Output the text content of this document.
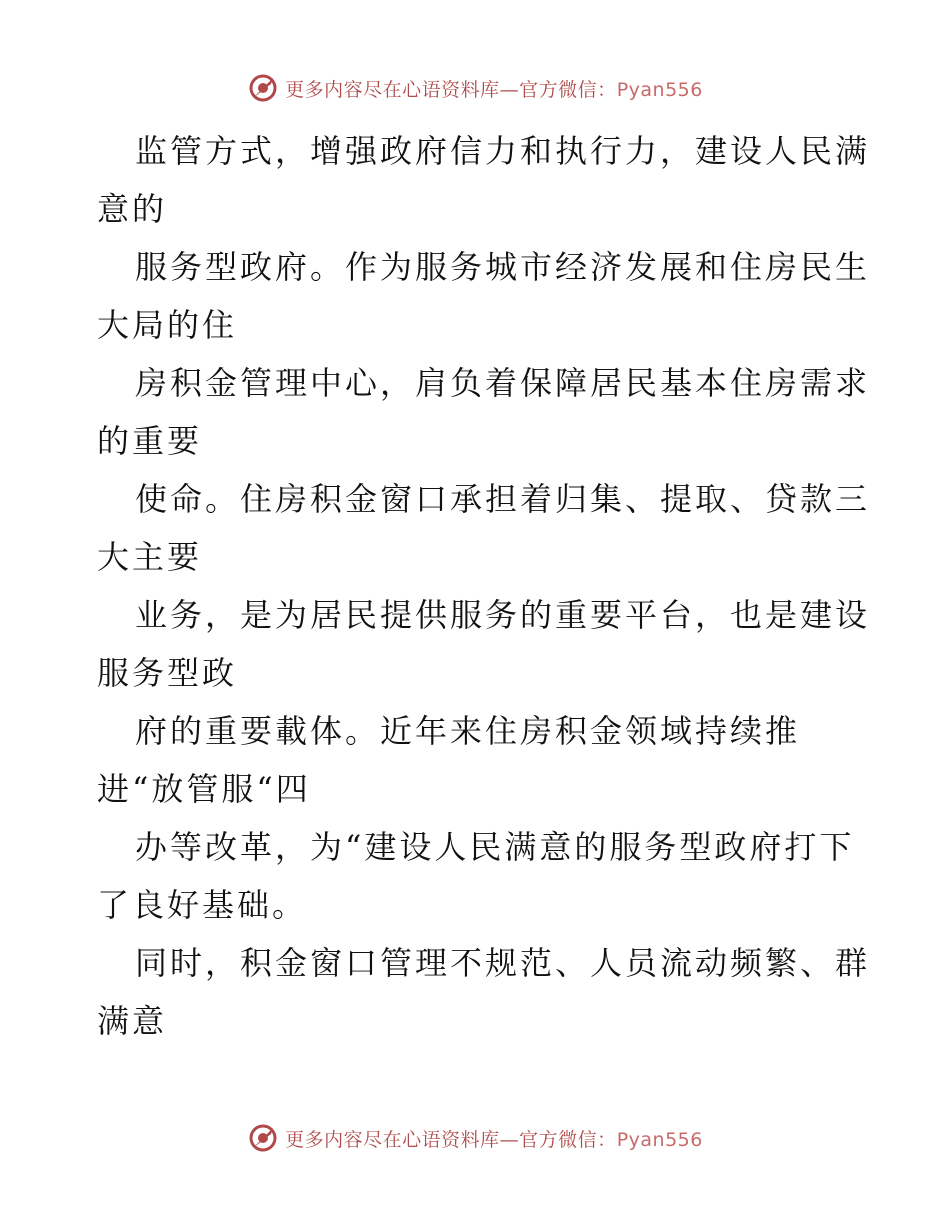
更多内容尽在心语资料库—官方微信：Pyan556
监管方式，增强政府信力和执行力，建设人民满
意的
服务型政府。作为服务城市经济发展和住房民生
大局的住
房积金管理中心，肩负着保障居民基本住房需求
的重要
使命。住房积金窗口承担着归集、提取、贷款三
大主要
业务，是为居民提供服务的重要平台，也是建设
服务型政
府的重要載体。近年来住房积金领域持续推
进“放管服“四
办等改革，为“建设人民满意的服务型政府打下
了良好基础。
同时，积金窗口管理不规范、人员流动频繁、群
满意
更多内容尽在心语资料库—官方微信：Pyan556
